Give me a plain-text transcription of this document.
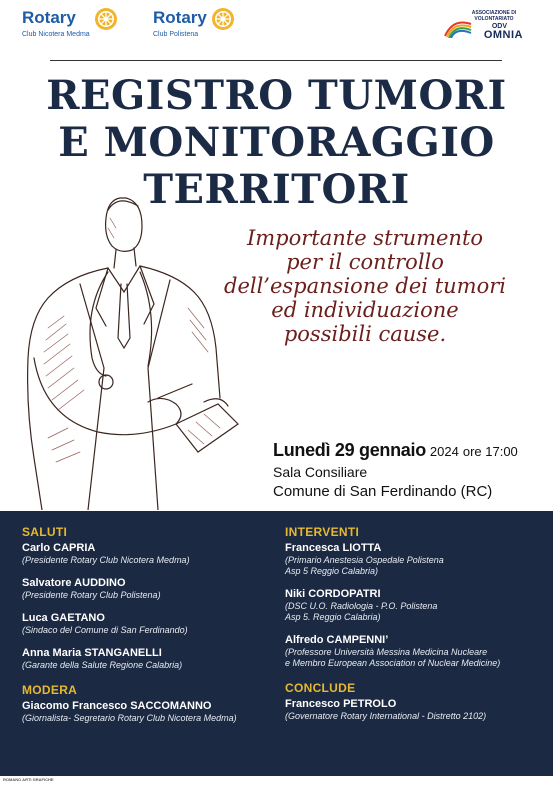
Rotary
Club Nicotera Medma
Rotary
Club Polistena
ASSOCIAZIONE DI
VOLONTARIATO
ODV
OMNIA
REGISTRO TUMORI
E MONITORAGGIO
TERRITORI
Importante strumento
per il controllo
dell’espansione dei tumori
ed individuazione
possibili cause.
Lunedì 29 gennaio 2024 ore 17:00
Sala Consiliare
Comune di San Ferdinando (RC)
SALUTI
Carlo CAPRIA
(Presidente Rotary Club Nicotera Medma)
Salvatore AUDDINO
(Presidente Rotary Club Polistena)
Luca GAETANO
(Sindaco del Comune di San Ferdinando)
Anna Maria STANGANELLI
(Garante della Salute Regione Calabria)
MODERA
Giacomo Francesco SACCOMANNO
(Giornalista- Segretario Rotary Club Nicotera Medma)
INTERVENTI
Francesca LIOTTA
(Primario Anestesia Ospedale Polistena
Asp 5 Reggio Calabria)
Niki CORDOPATRI
(DSC U.O. Radiologia - P.O. Polistena
Asp 5. Reggio Calabria)
Alfredo CAMPENNI’
(Professore Università Messina Medicina Nucleare
e Membro European Association of Nuclear Medicine)
CONCLUDE
Francesco PETROLO
(Governatore Rotary International - Distretto 2102)
ROMANO ARTI GRAFICHE
